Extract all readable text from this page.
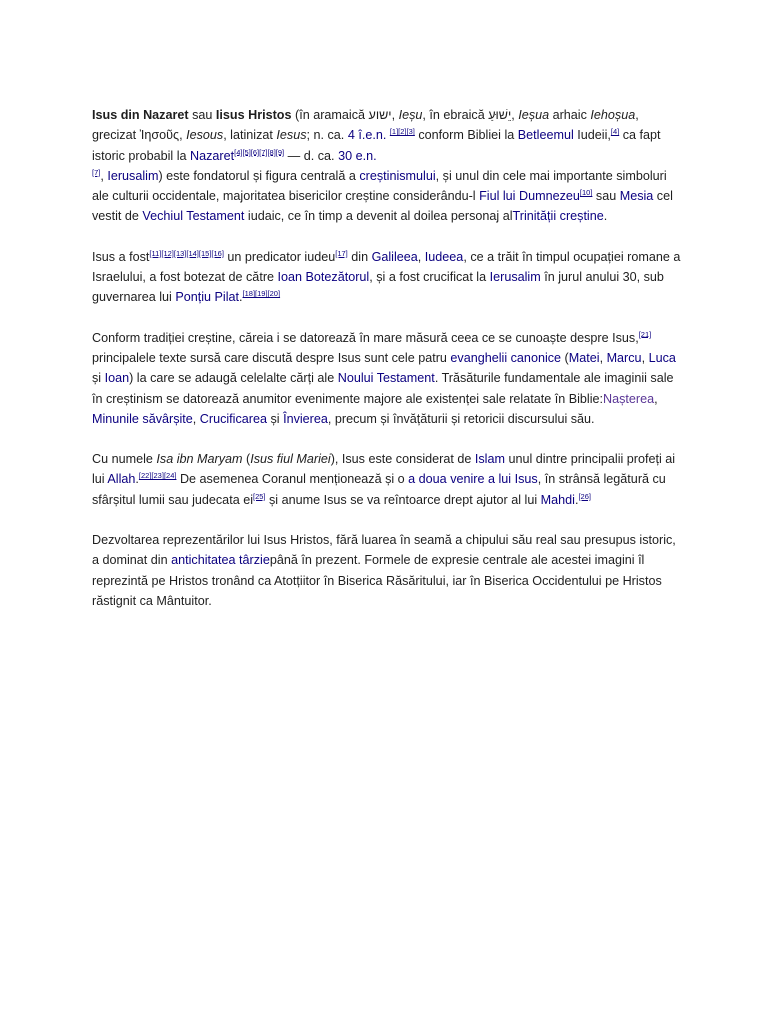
Isus din Nazaret sau Iisus Hristos (în aramaică ישוע, Ieșu, în ebraică יֵשׁוּעַ, Ieșua arhaic Iehoșua, grecizat Ἰησοῦς, Iesous, latinizat Iesus; n. ca. 4 î.e.n. [1][2][3] conform Bibliei la Betleemul Iudeii,[4] ca fapt istoric probabil la Nazaret[4][5][6][7][8][9] — d. ca. 30 e.n.
[7], Ierusalim) este fondatorul și figura centrală a creștinismului, și unul din cele mai importante simboluri ale culturii occidentale, majoritatea bisericilor creștine considerându-l Fiul lui Dumnezeu[10] sau Mesia cel vestit de Vechiul Testament iudaic, ce în timp a devenit al doilea personaj alTrinității creștine.

Isus a fost[11][12][13][14][15][16] un predicator iudeu[17] din Galileea, Iudeea, ce a trăit în timpul ocupației romane a Israelului, a fost botezat de către Ioan Botezătorul, și a fost crucificat la Ierusalim în jurul anului 30, sub guvernarea lui Ponțiu Pilat.[18][19][20]

Conform tradiției creștine, căreia i se datorează în mare măsură ceea ce se cunoaște despre Isus,[21] principalele texte sursă care discută despre Isus sunt cele patru evanghelii canonice (Matei, Marcu, Luca și Ioan) la care se adaugă celelalte cărți ale Noului Testament. Trăsăturile fundamentale ale imaginii sale în creștinism se datorează anumitor evenimente majore ale existenței sale relatate în Biblie:Nașterea, Minunile săvârșite, Crucificarea și Învierea, precum și învățăturii și retoricii discursului său.

Cu numele Isa ibn Maryam (Isus fiul Mariei), Isus este considerat de Islam unul dintre principalii profeți ai lui Allah.[22][23][24] De asemenea Coranul menționează și o a doua venire a lui Isus, în strânsă legătură cu sfârșitul lumii sau judecata ei[25] și anume Isus se va reîntoarce drept ajutor al lui Mahdi.[26]

Dezvoltarea reprezentărilor lui Isus Hristos, fără luarea în seamă a chipului său real sau presupus istoric, a dominat din antichitatea târziepână în prezent. Formele de expresie centrale ale acestei imagini îl reprezintă pe Hristos tronând ca Atotțiitor în Biserica Răsăritului, iar în Biserica Occidentului pe Hristos răstignit ca Mântuitor.
